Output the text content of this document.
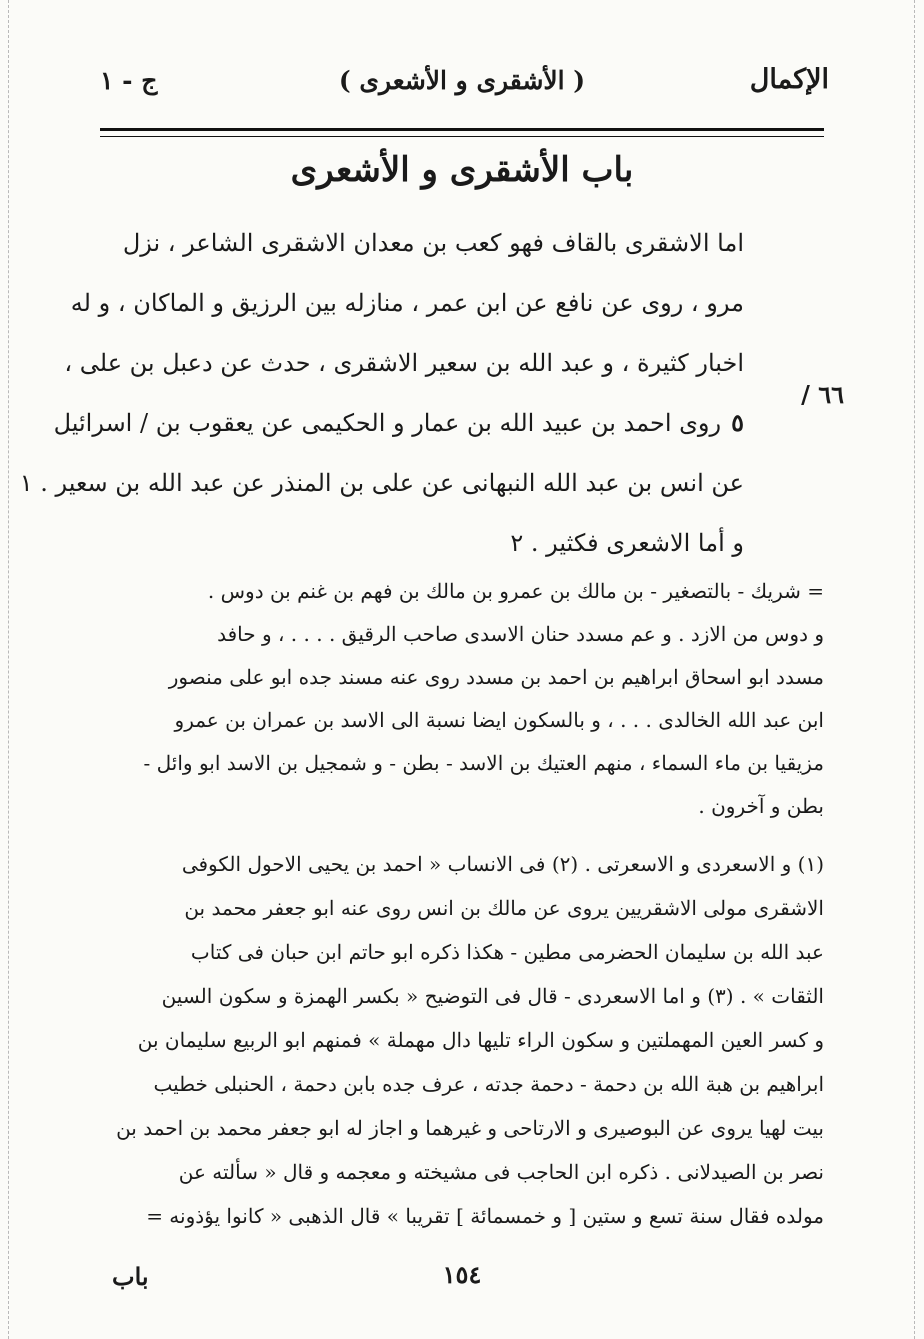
الإكمال
( الأشقرى و الأشعرى )
ج - ١
باب الأشقرى و الأشعرى
٦٦ /
اما الاشقرى بالقاف فهو كعب بن معدان الاشقرى الشاعر ، نزل
مرو ، روى عن نافع عن ابن عمر ، منازله بين الرزيق و الماكان ، و له
اخبار كثيرة ، و عبد الله بن سعير الاشقرى ، حدث عن دعبل بن على ،
٥روى احمد بن عبيد الله بن عمار و الحكيمى عن يعقوب بن / اسرائيل
عن انس بن عبد الله النبهانى عن على بن المنذر عن عبد الله بن سعير . ١
و أما الاشعرى فكثير . ٢
= شريك - بالتصغير - بن مالك بن عمرو بن مالك بن فهم بن غنم بن دوس .
و دوس من الازد . و عم مسدد حنان الاسدى صاحب الرقيق . . . . ، و حافد
مسدد ابو اسحاق ابراهيم بن احمد بن مسدد روى عنه مسند جده ابو على منصور
ابن عبد الله الخالدى . . . ، و بالسكون ايضا نسبة الى الاسد بن عمران بن عمرو
مزيقيا بن ماء السماء ، منهم العتيك بن الاسد - بطن - و شمجيل بن الاسد ابو وائل -
بطن و آخرون .
(١) و الاسعردى و الاسعرتى . (٢) فى الانساب « احمد بن يحيى الاحول الكوفى
الاشقرى مولى الاشقريين يروى عن مالك بن انس روى عنه ابو جعفر محمد بن
عبد الله بن سليمان الحضرمى مطين - هكذا ذكره ابو حاتم ابن حبان فى كتاب
الثقات » . (٣) و اما الاسعردى - قال فى التوضيح « بكسر الهمزة و سكون السين
و كسر العين المهملتين و سكون الراء تليها دال مهملة » فمنهم ابو الربيع سليمان بن
ابراهيم بن هبة الله بن دحمة - دحمة جدته ، عرف جده بابن دحمة ، الحنبلى خطيب
بيت لهيا يروى عن البوصيرى و الارتاحى و غيرهما و اجاز له ابو جعفر محمد بن احمد بن
نصر بن الصيدلانى . ذكره ابن الحاجب فى مشيخته و معجمه و قال « سألته عن
مولده فقال سنة تسع و ستين [ و خمسمائة ] تقريبا » قال الذهبى « كانوا يؤذونه =
١٥٤
باب
